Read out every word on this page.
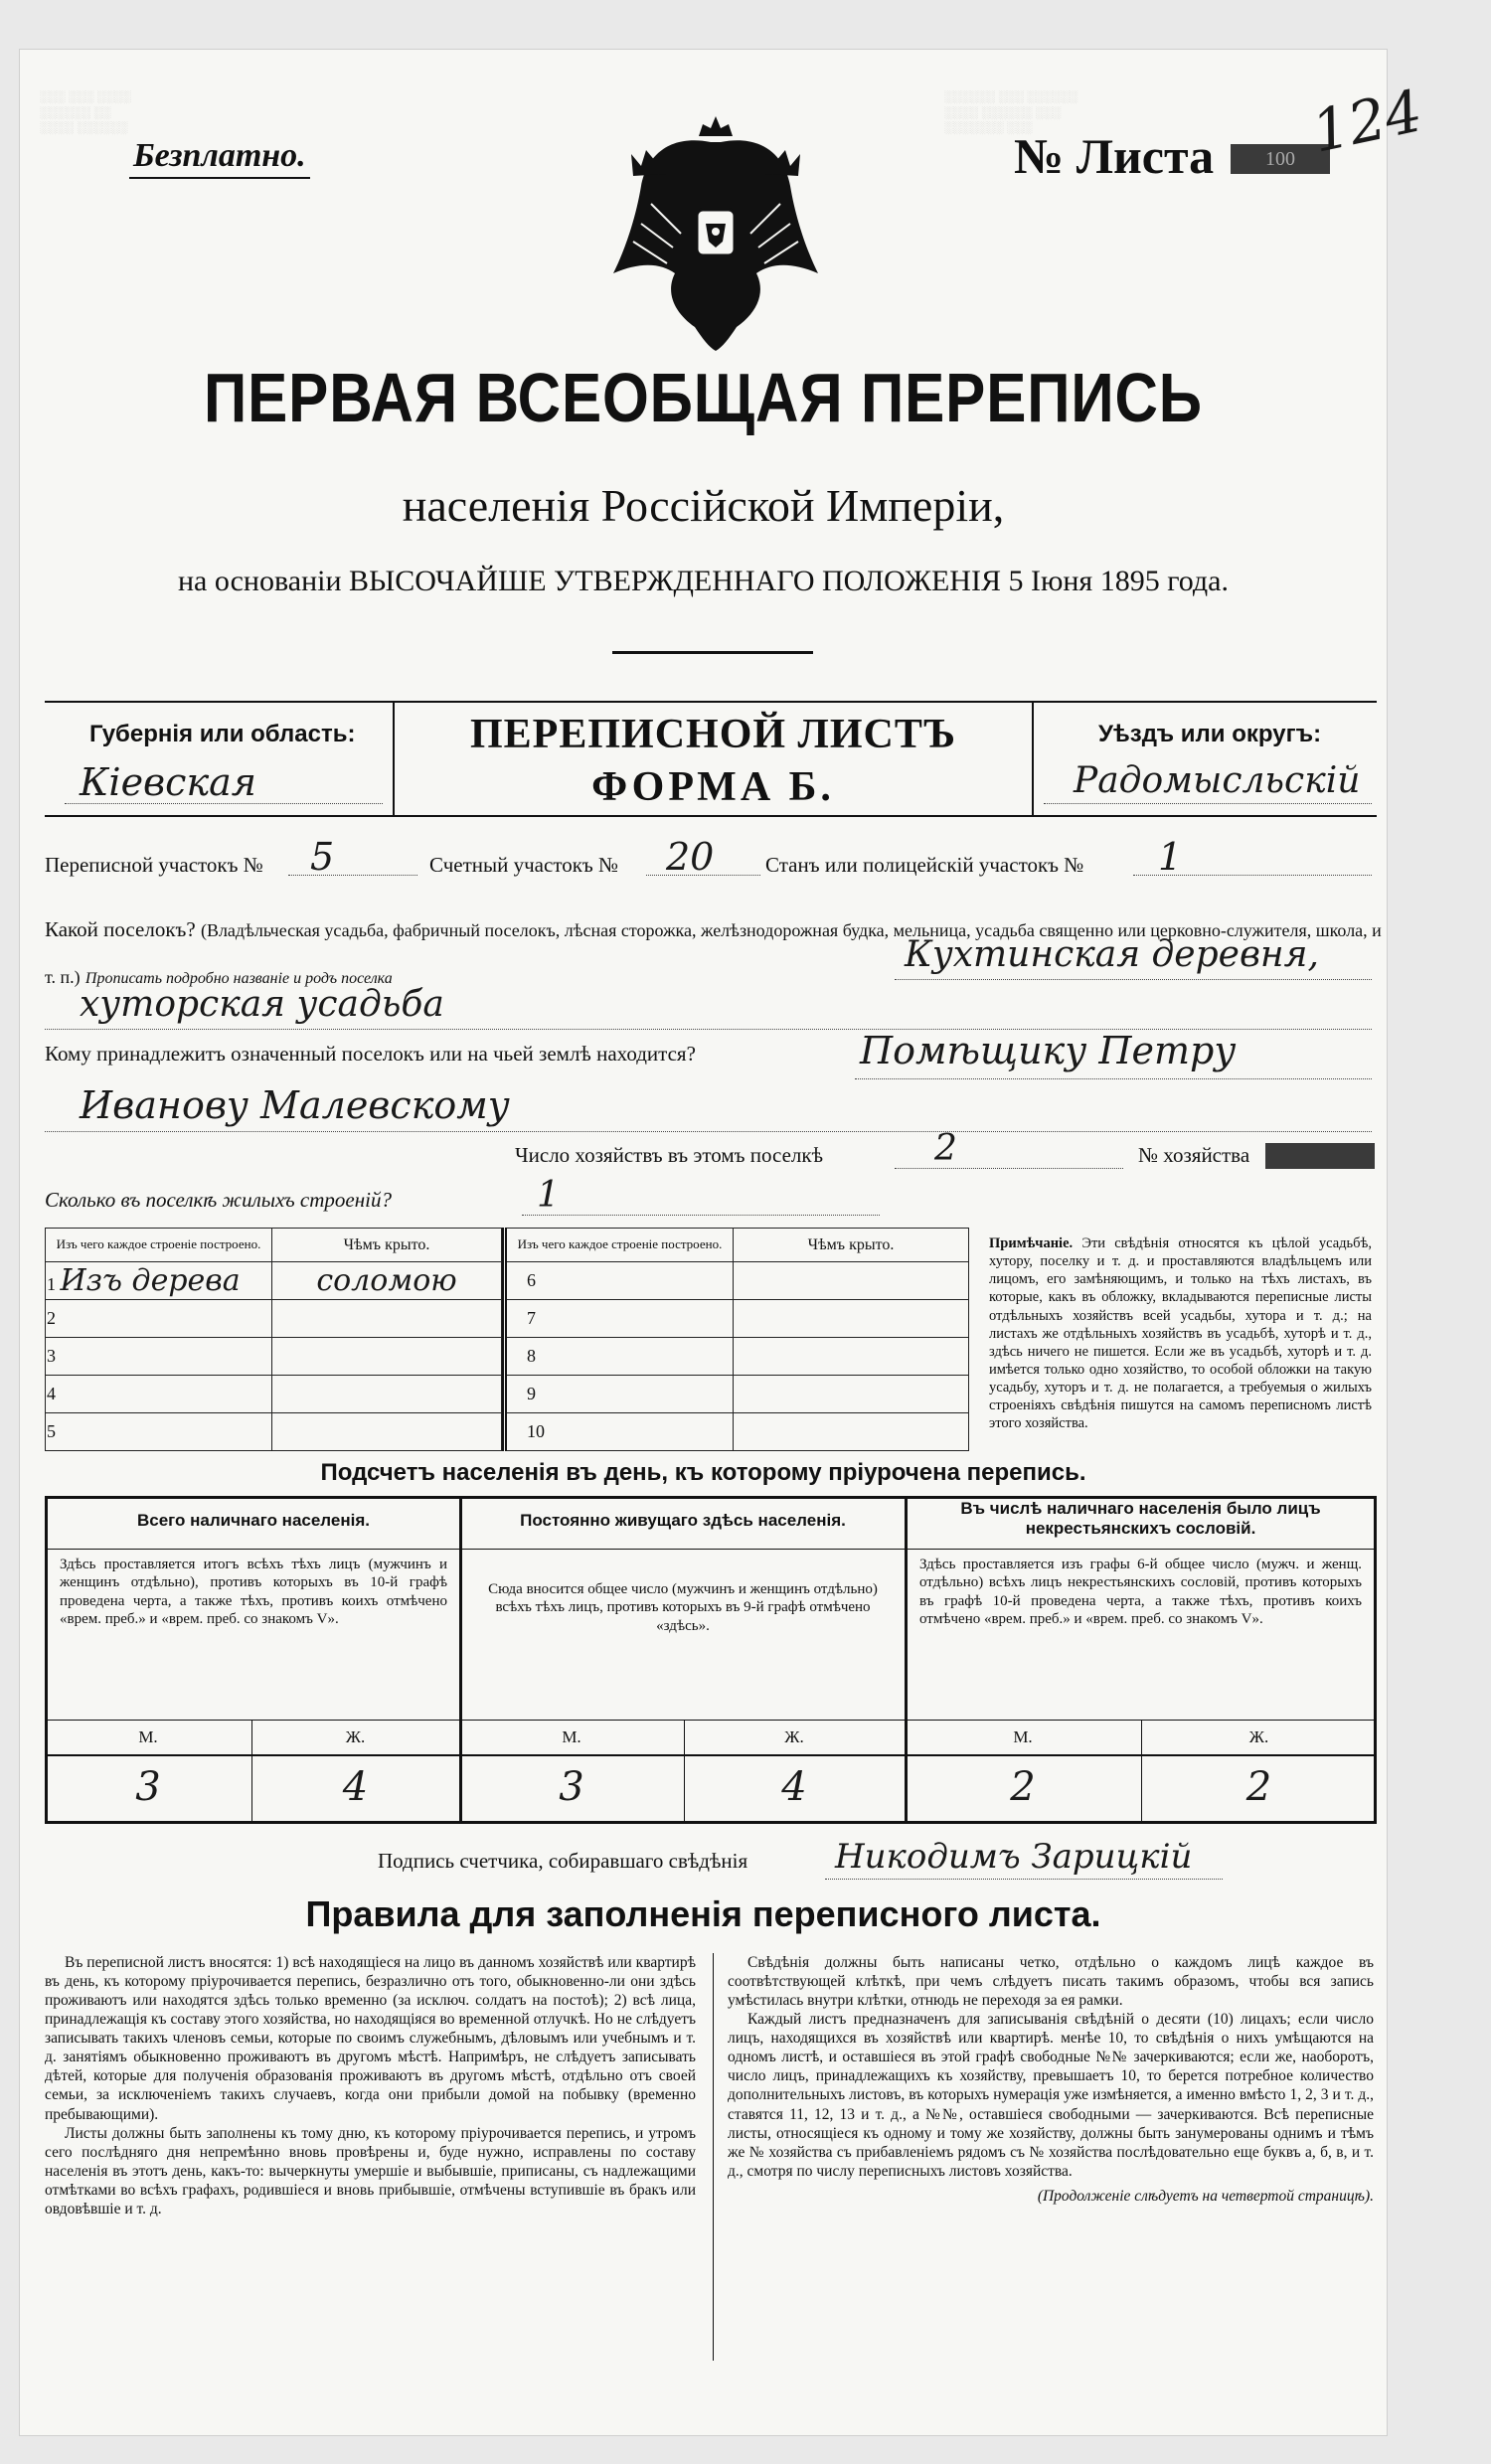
░░░ ░░░ ░░░░
░░░░░░ ░░
░░░░ ░░░░░░
░░░░░░ ░░░ ░░░░░░
░░░░ ░░░░░░ ░░░
░░░░░░░ ░░░
Безплатно.	№ Листа	100 124
ПЕРВАЯ ВСЕОБЩАЯ ПЕРЕПИСЬ
населенія Россійской Имперіи,
на основаніи ВЫСОЧАЙШЕ УТВЕРЖДЕННАГО ПОЛОЖЕНІЯ 5 Іюня 1895 года.
Губернія или область:
Кіевская
ПЕРЕПИСНОЙ ЛИСТЪ
ФОРМА Б.
Уѣздъ или округъ:
Радомысльскій
Переписной участокъ № 5	Счетный участокъ № 20 Станъ или полицейскій участокъ № 1
Какой поселокъ? (Владѣльческая усадьба, фабричный поселокъ, лѣсная сторожка, желѣзнодорожная будка, мельница, усадьба священно или церковно-служителя, школа, и т. п.) Прописать подробно названіе и родъ поселка
Кухтинская деревня,
хуторская усадьба
Кому принадлежитъ означенный поселокъ или на чьей землѣ находится?	Помѣщику Петру
Иванову Малевскому
Число хозяйствъ въ этомъ поселкѣ	2	№ хозяйства
Сколько въ поселкѣ жилыхъ строеній?	1
Изъ чего каждое строеніе построено.	Чѣмъ крыто.
1 Изъ дерева	соломою
2	
3	
4	
5	
Изъ чего каждое строеніе построено.	Чѣмъ крыто.
6	
7	
8	
9	
10	
Примѣчаніе. Эти свѣдѣнія относятся къ цѣлой усадьбѣ, хутору, поселку и т. д. и проставляются владѣльцемъ или лицомъ, его замѣняющимъ, и только на тѣхъ листахъ, въ которые, какъ въ обложку, вкладываются переписные листы отдѣльныхъ хозяйствъ всей усадьбы, хутора и т. д.; на листахъ же отдѣльныхъ хозяйствъ въ усадьбѣ, хуторѣ и т. д., здѣсь ничего не пишется. Если же въ усадьбѣ, хуторѣ и т. д. имѣется только одно хозяйство, то особой обложки на такую усадьбу, хуторъ и т. д. не полагается, а требуемыя о жилыхъ строеніяхъ свѣдѣнія пишутся на самомъ переписномъ листѣ этого хозяйства.
Подсчетъ населенія въ день, къ которому пріурочена перепись.
Всего наличнаго населенія.	Постоянно живущаго здѣсь населенія.
Въ числѣ наличнаго населенія было лицъ некрестьянскихъ сословій.
Здѣсь проставляется итогъ всѣхъ тѣхъ лицъ (мужчинъ и женщинъ отдѣльно), противъ которыхъ въ 10-й графѣ проведена черта, а также тѣхъ, противъ коихъ отмѣчено «врем. преб.» и «врем. преб. со знакомъ V».
Сюда вносится общее число (мужчинъ и женщинъ отдѣльно) всѣхъ тѣхъ лицъ, противъ которыхъ въ 9-й графѣ отмѣчено «здѣсь».
Здѣсь проставляется изъ графы 6-й общее число (мужч. и женщ. отдѣльно) всѣхъ лицъ некрестьянскихъ сословій, противъ которыхъ въ графѣ 10-й проведена черта, а также тѣхъ, противъ коихъ отмѣчено «врем. преб.» и «врем. преб. со знакомъ V».
М.	Ж.	М.	Ж.	М.	Ж.
3	4	3	4	2	2
Подпись счетчика, собиравшаго свѣдѣнія	Никодимъ Зарицкій
Правила для заполненія переписного листа.
Въ переписной листъ вносятся: 1) всѣ находящіеся на лицо въ данномъ хозяйствѣ или квартирѣ въ день, къ которому пріурочивается перепись, безразлично отъ того, обыкновенно-ли они здѣсь проживаютъ или находятся здѣсь только временно (за исключ. солдатъ на постоѣ); 2) всѣ лица, принадлежащія къ составу этого хозяйства, но находящіяся во временной отлучкѣ. Но не слѣдуетъ записывать такихъ членовъ семьи, которые по своимъ служебнымъ, дѣловымъ или учебнымъ и т. д. занятіямъ обыкновенно проживаютъ въ другомъ мѣстѣ. Напримѣръ, не слѣдуетъ записывать дѣтей, которые для полученія образованія проживаютъ въ другомъ мѣстѣ, отдѣльно отъ своей семьи, за исключеніемъ такихъ случаевъ, когда они прибыли домой на побывку (временно пребывающими).
Листы должны быть заполнены къ тому дню, къ которому пріурочивается перепись, и утромъ сего послѣдняго дня непремѣнно вновь провѣрены и, буде нужно, исправлены по составу населенія въ этотъ день, какъ-то: вычеркнуты умершіе и выбывшіе, приписаны, съ надлежащими отмѣтками во всѣхъ графахъ, родившіеся и вновь прибывшіе, отмѣчены вступившіе въ бракъ или овдовѣвшіе и т. д.
Свѣдѣнія должны быть написаны четко, отдѣльно о каждомъ лицѣ каждое въ соотвѣтствующей клѣткѣ, при чемъ слѣдуетъ писать такимъ образомъ, чтобы вся запись умѣстилась внутри клѣтки, отнюдь не переходя за ея рамки.
Каждый листъ предназначенъ для записыванія свѣдѣній о десяти (10) лицахъ; если число лицъ, находящихся въ хозяйствѣ или квартирѣ. менѣе 10, то свѣдѣнія о нихъ умѣщаются на одномъ листѣ, и оставшіеся въ этой графѣ свободные №№ зачеркиваются; если же, наоборотъ, число лицъ, принадлежащихъ къ хозяйству, превышаетъ 10, то берется потребное количество дополнительныхъ листовъ, въ которыхъ нумерація уже измѣняется, а именно вмѣсто 1, 2, 3 и т. д., ставятся 11, 12, 13 и т. д., а №№, оставшіеся свободными — зачеркиваются. Всѣ переписные листы, относящіеся къ одному и тому же хозяйству, должны быть занумерованы однимъ и тѣмъ же № хозяйства съ прибавленіемъ рядомъ съ № хозяйства послѣдовательно еще буквъ а, б, в, и т. д., смотря по числу переписныхъ листовъ хозяйства.
(Продолженіе слѣдуетъ на четвертой страницѣ).
